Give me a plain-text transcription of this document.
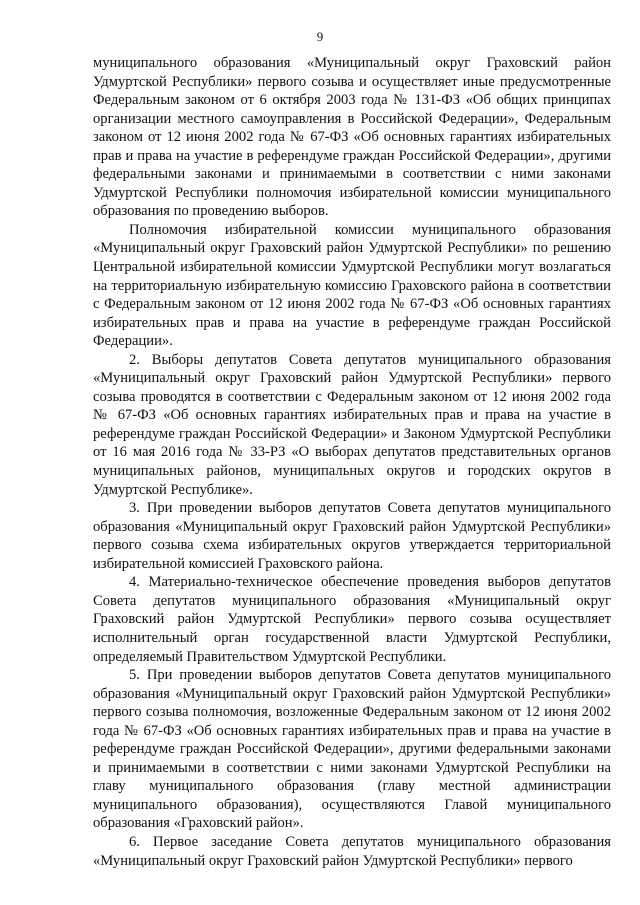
9

муниципального образования «Муниципальный округ Граховский район Удмуртской Республики» первого созыва и осуществляет иные предусмотренные Федеральным законом от 6 октября 2003 года № 131-ФЗ «Об общих принципах организации местного самоуправления в Российской Федерации», Федеральным законом от 12 июня 2002 года № 67-ФЗ «Об основных гарантиях избирательных прав и права на участие в референдуме граждан Российской Федерации», другими федеральными законами и принимаемыми в соответствии с ними законами Удмуртской Республики полномочия избирательной комиссии муниципального образования по проведению выборов.

Полномочия избирательной комиссии муниципального образования «Муниципальный округ Граховский район Удмуртской Республики» по решению Центральной избирательной комиссии Удмуртской Республики могут возлагаться на территориальную избирательную комиссию Граховского района в соответствии с Федеральным законом от 12 июня 2002 года № 67-ФЗ «Об основных гарантиях избирательных прав и права на участие в референдуме граждан Российской Федерации».

2. Выборы депутатов Совета депутатов муниципального образования «Муниципальный округ Граховский район Удмуртской Республики» первого созыва проводятся в соответствии с Федеральным законом от 12 июня 2002 года № 67-ФЗ «Об основных гарантиях избирательных прав и права на участие в референдуме граждан Российской Федерации» и Законом Удмуртской Республики от 16 мая 2016 года № 33-РЗ «О выборах депутатов представительных органов муниципальных районов, муниципальных округов и городских округов в Удмуртской Республике».

3. При проведении выборов депутатов Совета депутатов муниципального образования «Муниципальный округ Граховский район Удмуртской Республики» первого созыва схема избирательных округов утверждается территориальной избирательной комиссией Граховского района.

4. Материально-техническое обеспечение проведения выборов депутатов Совета депутатов муниципального образования «Муниципальный округ Граховский район Удмуртской Республики» первого созыва осуществляет исполнительный орган государственной власти Удмуртской Республики, определяемый Правительством Удмуртской Республики.

5. При проведении выборов депутатов Совета депутатов муниципального образования «Муниципальный округ Граховский район Удмуртской Республики» первого созыва полномочия, возложенные Федеральным законом от 12 июня 2002 года № 67-ФЗ «Об основных гарантиях избирательных прав и права на участие в референдуме граждан Российской Федерации», другими федеральными законами и принимаемыми в соответствии с ними законами Удмуртской Республики на главу муниципального образования (главу местной администрации муниципального образования), осуществляются Главой муниципального образования «Граховский район».

6. Первое заседание Совета депутатов муниципального образования «Муниципальный округ Граховский район Удмуртской Республики» первого
